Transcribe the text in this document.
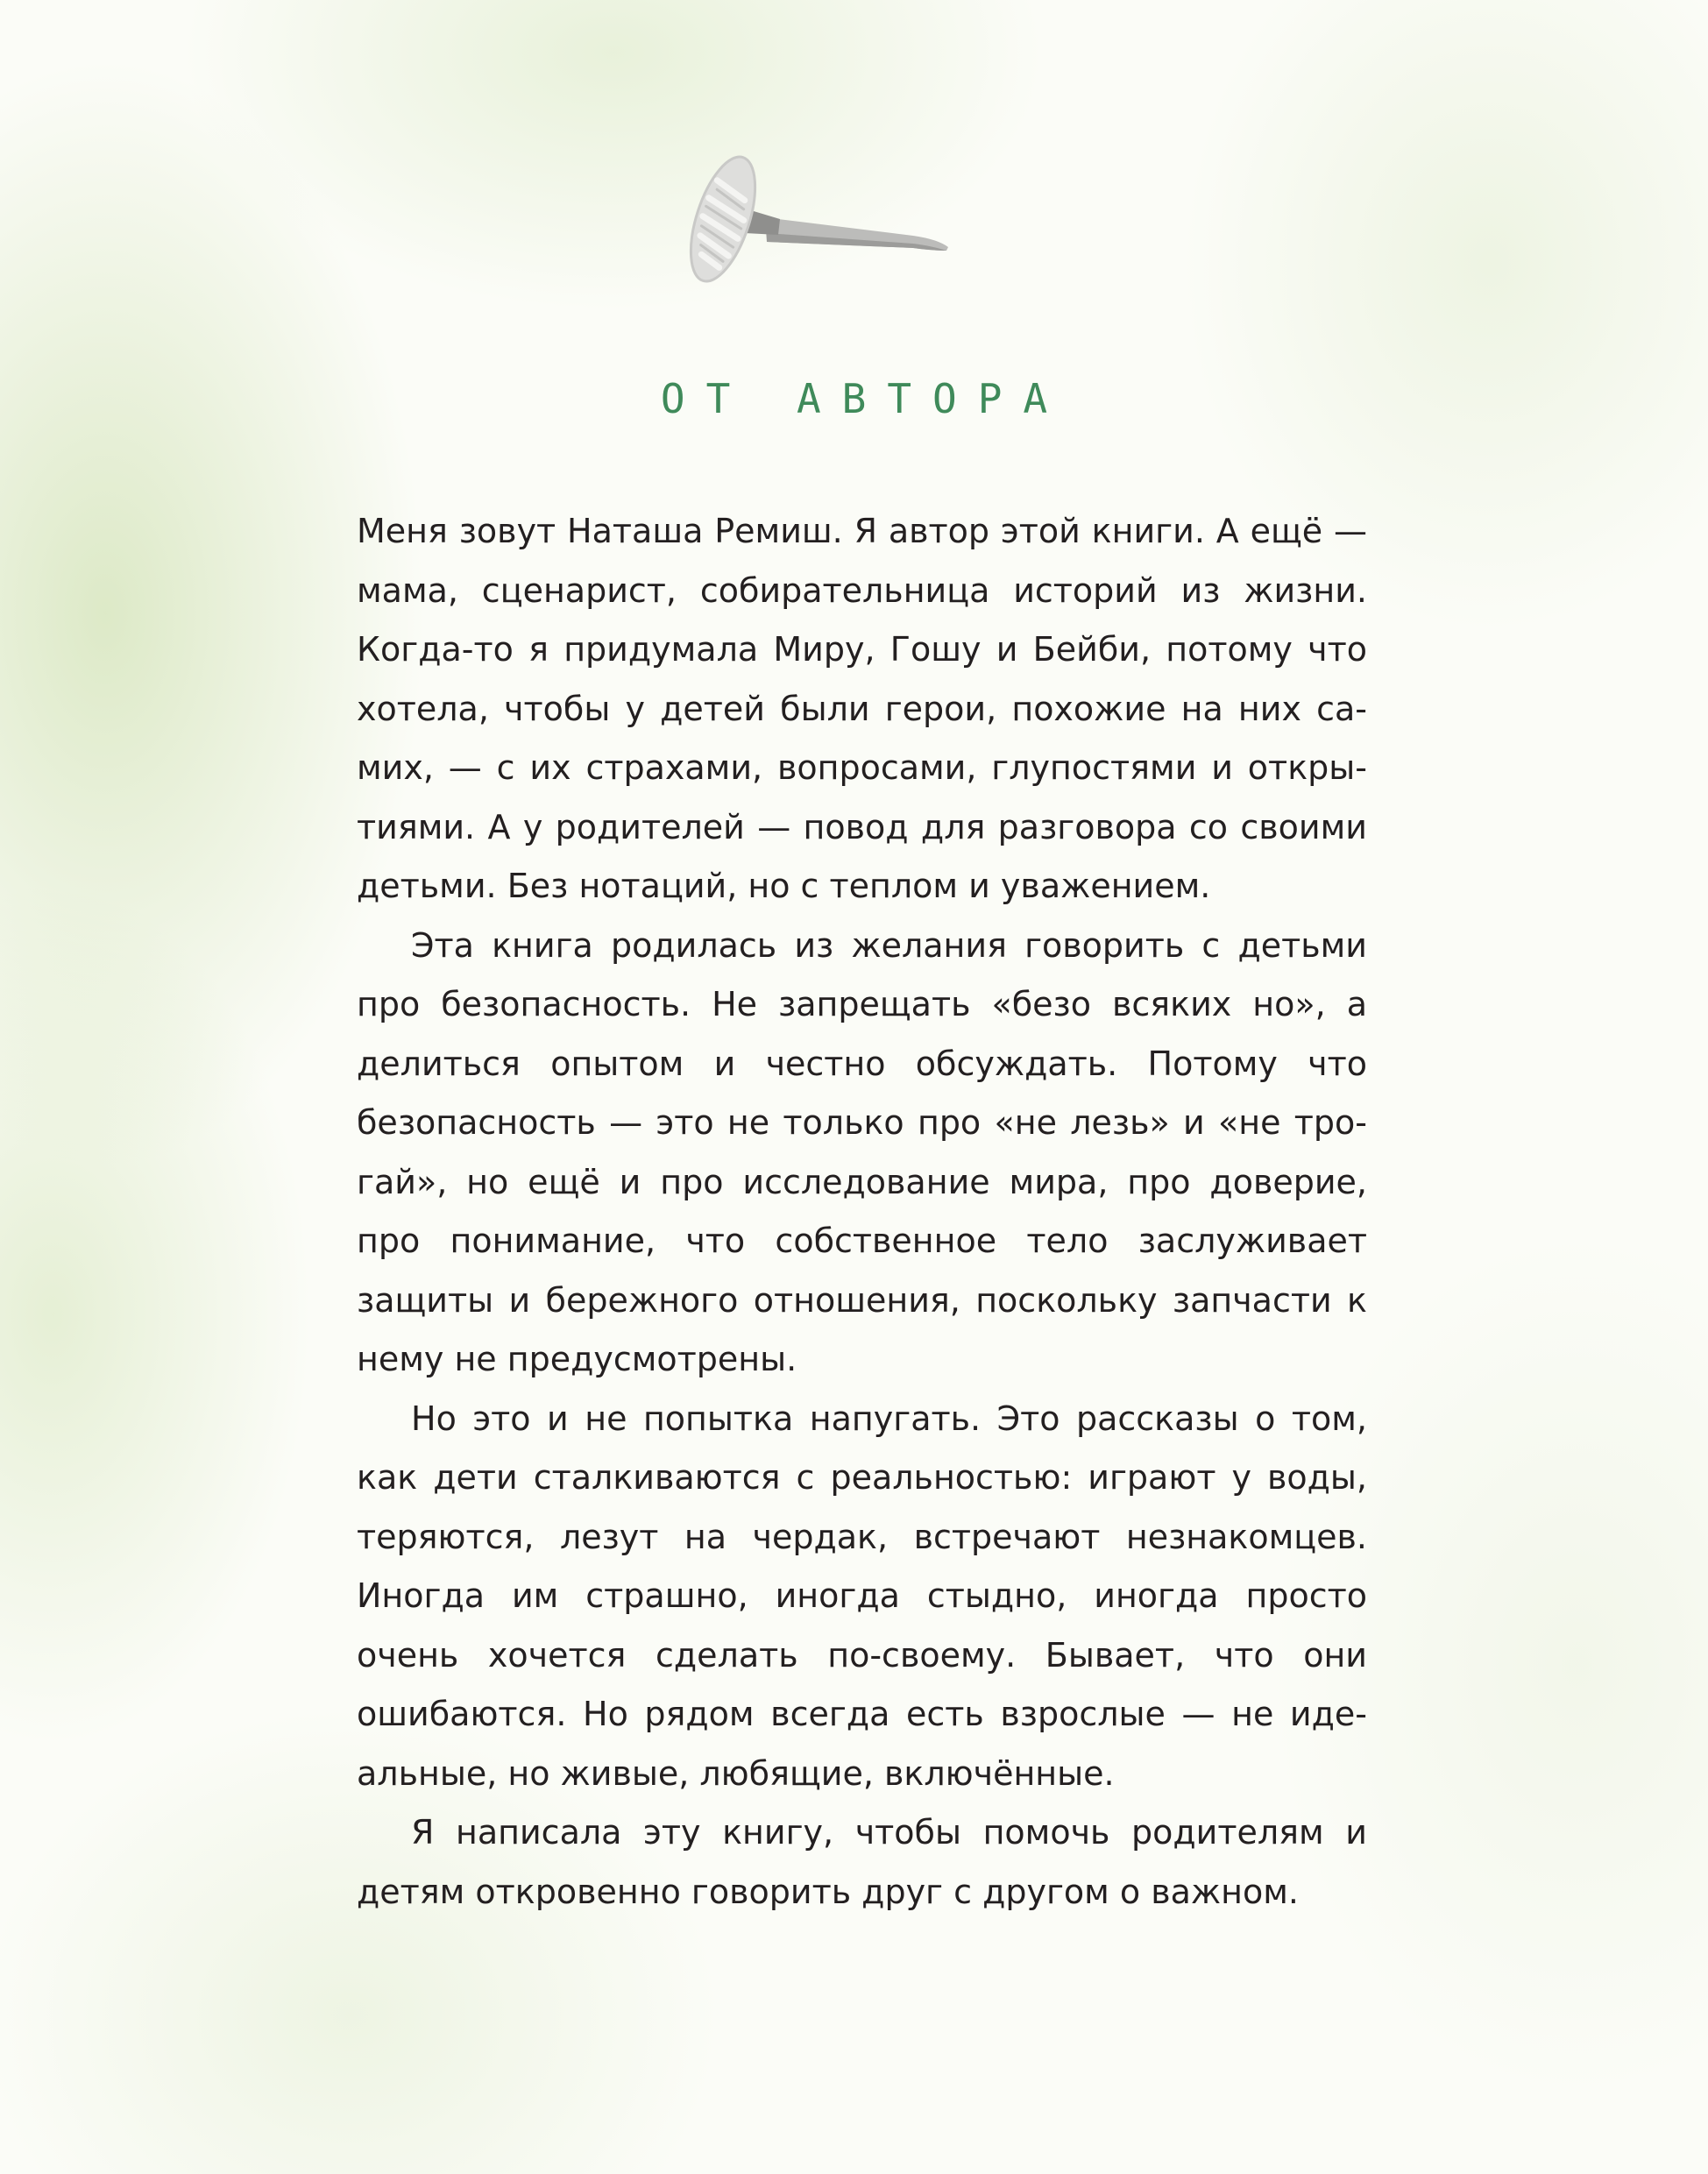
ОТ АВТОРА

Меня зовут Наташа Ремиш. Я автор этой книги. А ещё — мама, сценарист, собирательница историй из жизни. Когда-то я придумала Миру, Гошу и Бейби, потому что хотела, чтобы у детей были герои, похожие на них самих, — с их страхами, вопросами, глупостями и открытиями. А у родителей — повод для разговора со своими детьми. Без нотаций, но с теплом и уважением.

Эта книга родилась из желания говорить с детьми про безопасность. Не запрещать «безо всяких но», а делиться опытом и честно обсуждать. Потому что безопасность — это не только про «не лезь» и «не трогай», но ещё и про исследование мира, про доверие, про понимание, что собственное тело заслуживает защиты и бережного отношения, поскольку запчасти к нему не предусмотрены.

Но это и не попытка напугать. Это рассказы о том, как дети сталкиваются с реальностью: играют у воды, теряются, лезут на чердак, встречают незнакомцев. Иногда им страшно, иногда стыдно, иногда просто очень хочется сделать по-своему. Бывает, что они ошибаются. Но рядом всегда есть взрослые — не идеальные, но живые, любящие, включённые.

Я написала эту книгу, чтобы помочь родителям и детям откровенно говорить друг с другом о важном.
